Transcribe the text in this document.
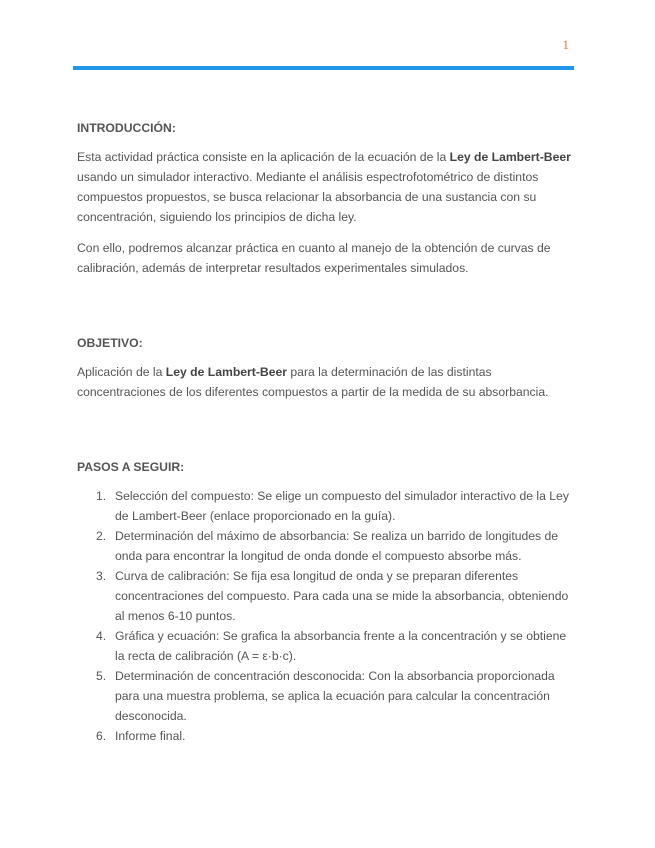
1
INTRODUCCIÓN:

Esta actividad práctica consiste en la aplicación de la ecuación de la Ley de Lambert-Beer usando un simulador interactivo. Mediante el análisis espectrofotométrico de distintos compuestos propuestos, se busca relacionar la absorbancia de una sustancia con su concentración, siguiendo los principios de dicha ley.

Con ello, podremos alcanzar práctica en cuanto al manejo de la obtención de curvas de calibración, además de interpretar resultados experimentales simulados.

OBJETIVO:

Aplicación de la Ley de Lambert-Beer para la determinación de las distintas concentraciones de los diferentes compuestos a partir de la medida de su absorbancia.

PASOS A SEGUIR:
1. Selección del compuesto: Se elige un compuesto del simulador interactivo de la Ley de Lambert-Beer (enlace proporcionado en la guía).
2. Determinación del máximo de absorbancia: Se realiza un barrido de longitudes de onda para encontrar la longitud de onda donde el compuesto absorbe más.
3. Curva de calibración: Se fija esa longitud de onda y se preparan diferentes concentraciones del compuesto. Para cada una se mide la absorbancia, obteniendo al menos 6-10 puntos.
4. Gráfica y ecuación: Se grafica la absorbancia frente a la concentración y se obtiene la recta de calibración (A = ε·b·c).
5. Determinación de concentración desconocida: Con la absorbancia proporcionada para una muestra problema, se aplica la ecuación para calcular la concentración desconocida.
6. Informe final.
